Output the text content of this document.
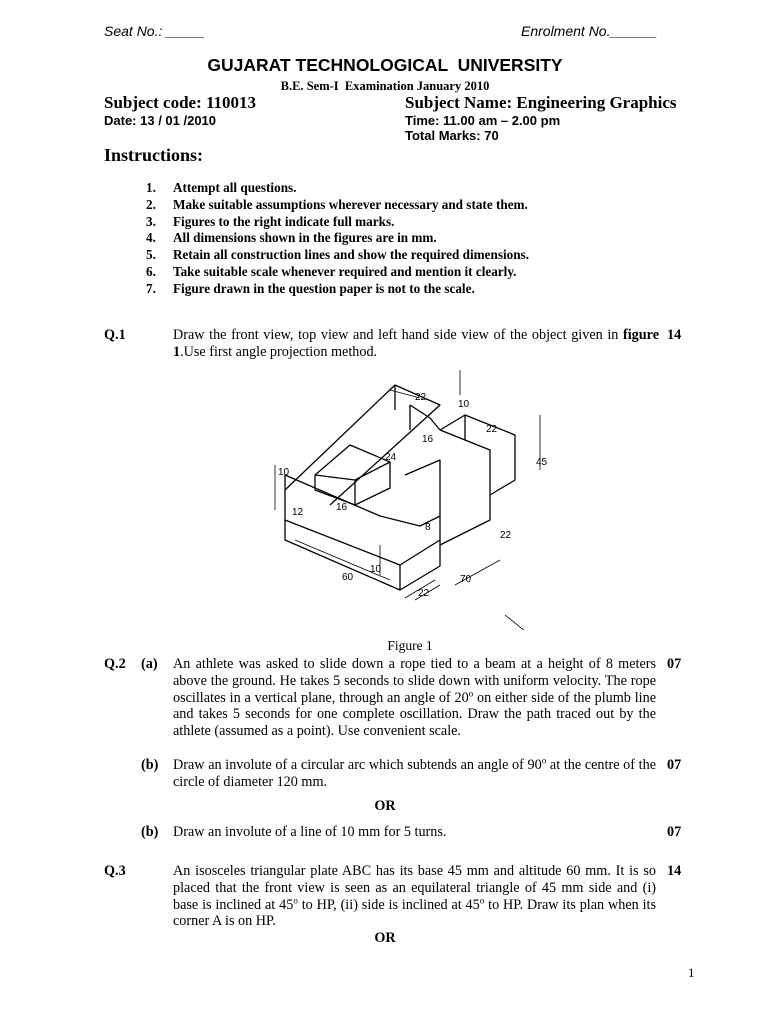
Seat No.: _____	Enrolment No.______
GUJARAT TECHNOLOGICAL  UNIVERSITY
B.E. Sem-I  Examination January 2010
Subject code: 110013	Subject Name: Engineering Graphics
Date: 13 / 01 /2010	Time: 11.00 am – 2.00 pm
Total Marks: 70
Instructions:
1. Attempt all questions.
2. Make suitable assumptions wherever necessary and state them.
3. Figures to the right indicate full marks.
4. All dimensions shown in the figures are in mm.
5. Retain all construction lines and show the required dimensions.
6. Take suitable scale whenever required and mention it clearly.
7. Figure drawn in the question paper is not to the scale.
Q.1	Draw the front view, top view and left hand side view of the object given in figure 1.Use first angle projection method.
14
22
10
16
22
45
24
16
10
12
8
22
10
60
22
70
Figure 1
Q.2 (a) An athlete was asked to slide down a rope tied to a beam at a height of 8 meters above the ground. He takes 5 seconds to slide down with uniform velocity. The rope oscillates in a vertical plane, through an angle of 20$^o$ on either side of the plumb line and takes 5 seconds for one complete oscillation. Draw the path traced out by the athlete (assumed as a point). Use convenient scale.
07
(b) Draw an involute of a circular arc which subtends an angle of 90$^o$ at the centre of the circle of diameter 120 mm.
07
OR
(b) Draw an involute of a line of 10 mm for 5 turns.	07
Q.3	An isosceles triangular plate ABC has its base 45 mm and altitude 60 mm. It is so placed that the front view is seen as an equilateral triangle of 45 mm side and (i) base is inclined at 45$^o$ to HP, (ii) side is inclined at 45$^o$ to HP. Draw its plan when its corner A is on HP.
14
OR
1
